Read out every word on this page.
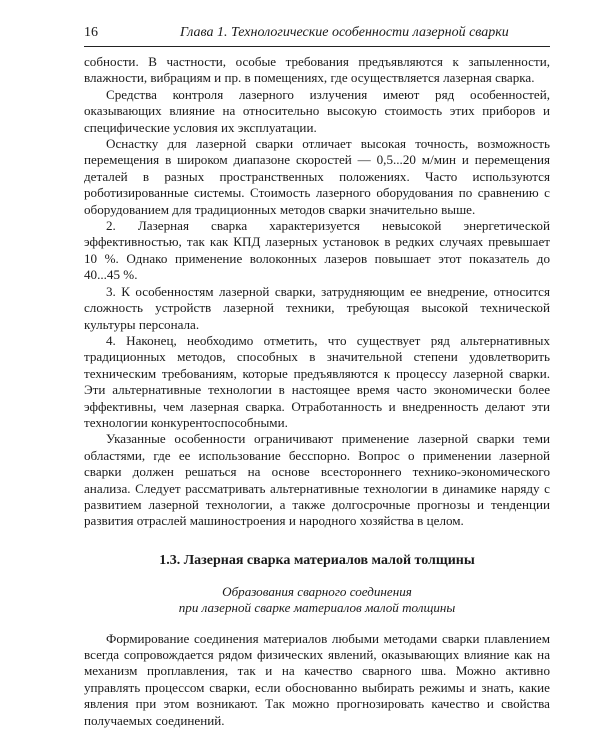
16	Глава 1. Технологические особенности лазерной сварки

собности. В частности, особые требования предъявляются к запыленности, влажности, вибрациям и пр. в помещениях, где осуществляется лазерная сварка.

Средства контроля лазерного излучения имеют ряд особенностей, оказывающих влияние на относительно высокую стоимость этих приборов и специфические условия их эксплуатации.

Оснастку для лазерной сварки отличает высокая точность, возможность перемещения в широком диапазоне скоростей — 0,5...20 м/мин и перемещения деталей в разных пространственных положениях. Часто используются роботизированные системы. Стоимость лазерного оборудования по сравнению с оборудованием для традиционных методов сварки значительно выше.

2. Лазерная сварка характеризуется невысокой энергетической эффективностью, так как КПД лазерных установок в редких случаях превышает 10 %. Однако применение волоконных лазеров повышает этот показатель до 40...45 %.

3. К особенностям лазерной сварки, затрудняющим ее внедрение, относится сложность устройств лазерной техники, требующая высокой технической культуры персонала.

4. Наконец, необходимо отметить, что существует ряд альтернативных традиционных методов, способных в значительной степени удовлетворить техническим требованиям, которые предъявляются к процессу лазерной сварки. Эти альтернативные технологии в настоящее время часто экономически более эффективны, чем лазерная сварка. Отработанность и внедренность делают эти технологии конкурентоспособными.

Указанные особенности ограничивают применение лазерной сварки теми областями, где ее использование бесспорно. Вопрос о применении лазерной сварки должен решаться на основе всестороннего технико-экономического анализа. Следует рассматривать альтернативные технологии в динамике наряду с развитием лазерной технологии, а также долгосрочные прогнозы и тенденции развития отраслей машиностроения и народного хозяйства в целом.

1.3. Лазерная сварка материалов малой толщины

Образования сварного соединения
при лазерной сварке материалов малой толщины

Формирование соединения материалов любыми методами сварки плавлением всегда сопровождается рядом физических явлений, оказывающих влияние как на механизм проплавления, так и на качество сварного шва. Можно активно управлять процессом сварки, если обоснованно выбирать режимы и знать, какие явления при этом возникают. Так можно прогнозировать качество и свойства получаемых соединений.
